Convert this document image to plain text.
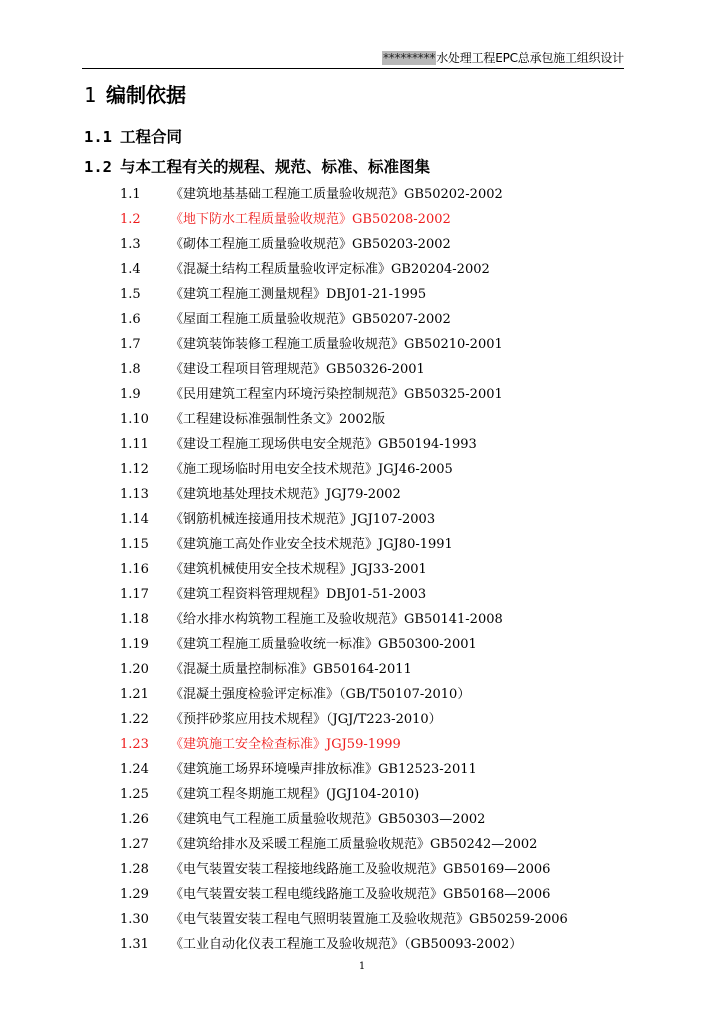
*********水处理工程EPC总承包施工组织设计
1 编制依据
1.1 工程合同
1.2 与本工程有关的规程、规范、标准、标准图集
1.1	《建筑地基基础工程施工质量验收规范》GB50202-2002
1.2	《地下防水工程质量验收规范》GB50208-2002
1.3	《砌体工程施工质量验收规范》GB50203-2002
1.4	《混凝土结构工程质量验收评定标准》GB20204-2002
1.5	《建筑工程施工测量规程》DBJ01-21-1995
1.6	《屋面工程施工质量验收规范》GB50207-2002
1.7	《建筑装饰装修工程施工质量验收规范》GB50210-2001
1.8	《建设工程项目管理规范》GB50326-2001
1.9	《民用建筑工程室内环境污染控制规范》GB50325-2001
1.10	《工程建设标准强制性条文》2002版
1.11	《建设工程施工现场供电安全规范》GB50194-1993
1.12	《施工现场临时用电安全技术规范》JGJ46-2005
1.13	《建筑地基处理技术规范》JGJ79-2002
1.14	《钢筋机械连接通用技术规范》JGJ107-2003
1.15	《建筑施工高处作业安全技术规范》JGJ80-1991
1.16	《建筑机械使用安全技术规程》JGJ33-2001
1.17	《建筑工程资料管理规程》DBJ01-51-2003
1.18	《给水排水构筑物工程施工及验收规范》GB50141-2008
1.19	《建筑工程施工质量验收统一标准》GB50300-2001
1.20	《混凝土质量控制标准》GB50164-2011
1.21	《混凝土强度检验评定标准》（GB/T50107-2010）
1.22	《预拌砂浆应用技术规程》（JGJ/T223-2010）
1.23	《建筑施工安全检查标准》JGJ59-1999
1.24	《建筑施工场界环境噪声排放标准》GB12523-2011
1.25	《建筑工程冬期施工规程》(JGJ104-2010)
1.26	《建筑电气工程施工质量验收规范》GB50303—2002
1.27	《建筑给排水及采暖工程施工质量验收规范》GB50242—2002
1.28	《电气装置安装工程接地线路施工及验收规范》GB50169—2006
1.29	《电气装置安装工程电缆线路施工及验收规范》GB50168—2006
1.30	《电气装置安装工程电气照明装置施工及验收规范》GB50259-2006
1.31	《工业自动化仪表工程施工及验收规范》（GB50093-2002）
1
